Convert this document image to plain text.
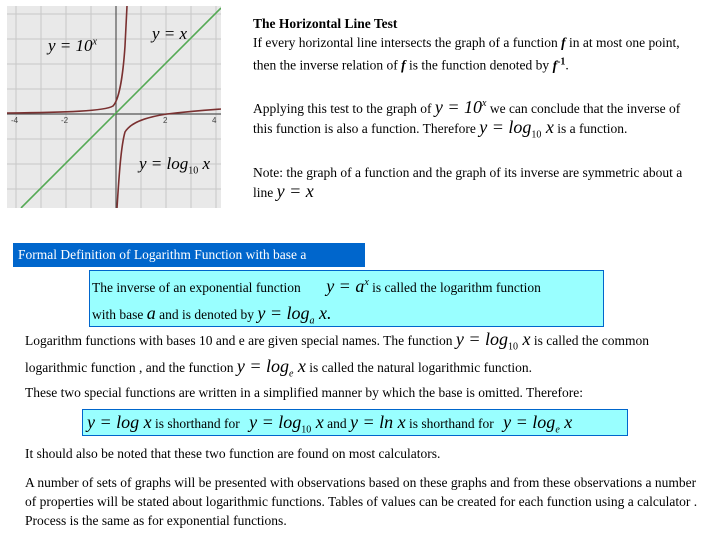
-4	-2	2	4
$y = 10^x$	y = x
$y = \log_{10} x$
The Horizontal Line Test
If every horizontal line intersects the graph of a function f in at most one point, then the inverse relation of f is the function denoted by $f^{-1}$.
Applying this test to the graph of $y = 10^x$ we can conclude that the inverse of this function is also a function. Therefore $y = \log_{10} x$ is a function.
Note: the graph of a function and the graph of its inverse are symmetric about a line y = x
Formal Definition of Logarithm Function with base a
The inverse of an exponential function $y = a^x$ is called the logarithm function
with base a and is denoted by $y = \log_a x$.
Logarithm functions with bases 10 and e are given special names. The function $y = \log_{10} x$ is called the common logarithmic function , and the function $y = \log_e x$ is called the natural logarithmic function.
These two special functions are written in a simplified manner by which the base is omitted. Therefore:
y = log x is shorthand for $y = \log_{10} x$ and y = ln x is shorthand for $y = \log_e x$
It should also be noted that these two function are found on most calculators.
A number of sets of graphs will be presented with observations based on these graphs and from these observations a number of properties will be stated about logarithmic functions. Tables of values can be created for each function using a calculator . Process is the same as for exponential functions.
